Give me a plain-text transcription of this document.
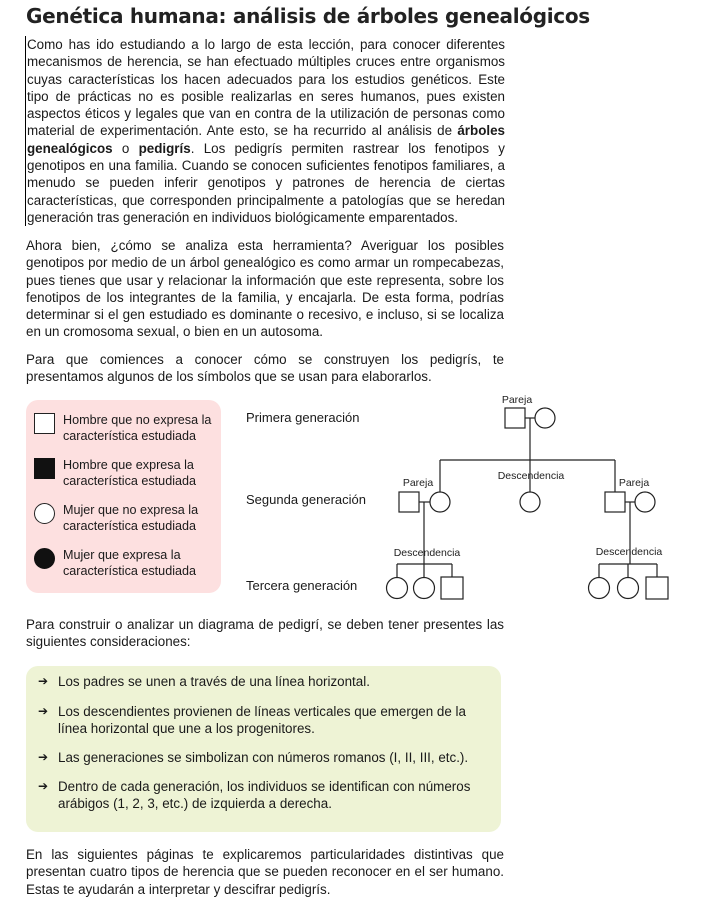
Genética humana: análisis de árboles genealógicos

Como has ido estudiando a lo largo de esta lección, para conocer diferentes mecanismos de herencia, se han efectuado múltiples cruces entre organismos cuyas características los hacen adecuados para los estudios genéticos. Este tipo de prácticas no es posible realizarlas en seres humanos, pues existen aspectos éticos y legales que van en contra de la utilización de personas como material de experimentación. Ante esto, se ha recurrido al análisis de árboles genealógicos o pedigrís. Los pedigrís permiten rastrear los fenotipos y genotipos en una familia. Cuando se conocen suficientes fenotipos familiares, a menudo se pueden inferir genotipos y patrones de herencia de ciertas características, que corresponden principalmente a patologías que se heredan generación tras generación en individuos biológicamente emparentados.

Ahora bien, ¿cómo se analiza esta herramienta? Averiguar los posibles genotipos por medio de un árbol genealógico es como armar un rompecabezas, pues tienes que usar y relacionar la información que este representa, sobre los fenotipos de los integrantes de la familia, y encajarla. De esta forma, podrías determinar si el gen estudiado es dominante o recesivo, e incluso, si se localiza en un cromosoma sexual, o bien en un autosoma.

Para que comiences a conocer cómo se construyen los pedigrís, te presentamos algunos de los símbolos que se usan para elaborarlos.

Hombre que no expresa la característica estudiada
Hombre que expresa la característica estudiada
Mujer que no expresa la característica estudiada
Mujer que expresa la característica estudiada
Primera generación
Segunda generación
Tercera generación
Pareja
Pareja
Descendencia
Pareja
Descendencia	Descendencia

Para construir o analizar un diagrama de pedigrí, se deben tener presentes las siguientes consideraciones:

➔ Los padres se unen a través de una línea horizontal.
➔ Los descendientes provienen de líneas verticales que emergen de la línea horizontal que une a los progenitores.
➔ Las generaciones se simbolizan con números romanos (I, II, III, etc.).
➔ Dentro de cada generación, los individuos se identifican con números arábigos (1, 2, 3, etc.) de izquierda a derecha.

En las siguientes páginas te explicaremos particularidades distintivas que presentan cuatro tipos de herencia que se pueden reconocer en el ser humano. Estas te ayudarán a interpretar y descifrar pedigrís.
